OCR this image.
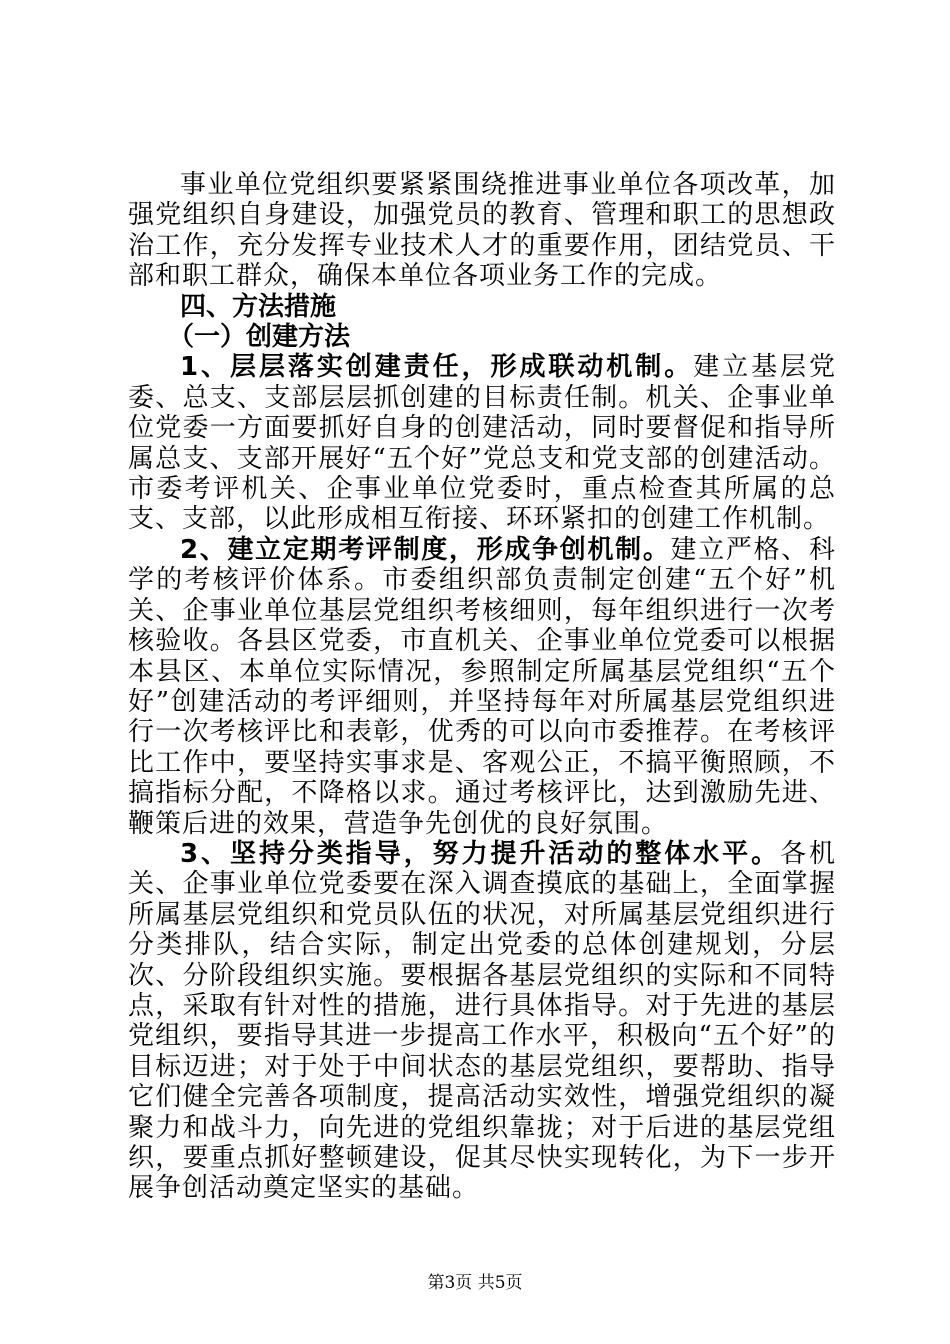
事业单位党组织要紧紧围绕推进事业单位各项改革，加强党组织自身建设，加强党员的教育、管理和职工的思想政治工作，充分发挥专业技术人才的重要作用，团结党员、干部和职工群众，确保本单位各项业务工作的完成。

四、方法措施

（一）创建方法

1、层层落实创建责任，形成联动机制。建立基层党委、总支、支部层层抓创建的目标责任制。机关、企事业单位党委一方面要抓好自身的创建活动，同时要督促和指导所属总支、支部开展好“五个好”党总支和党支部的创建活动。市委考评机关、企事业单位党委时，重点检查其所属的总支、支部，以此形成相互衔接、环环紧扣的创建工作机制。

2、建立定期考评制度，形成争创机制。建立严格、科学的考核评价体系。市委组织部负责制定创建“五个好”机关、企事业单位基层党组织考核细则，每年组织进行一次考核验收。各县区党委，市直机关、企事业单位党委可以根据本县区、本单位实际情况，参照制定所属基层党组织“五个好”创建活动的考评细则，并坚持每年对所属基层党组织进行一次考核评比和表彰，优秀的可以向市委推荐。在考核评比工作中，要坚持实事求是、客观公正，不搞平衡照顾，不搞指标分配，不降格以求。通过考核评比，达到激励先进、鞭策后进的效果，营造争先创优的良好氛围。

3、坚持分类指导，努力提升活动的整体水平。各机关、企事业单位党委要在深入调查摸底的基础上，全面掌握所属基层党组织和党员队伍的状况，对所属基层党组织进行分类排队，结合实际，制定出党委的总体创建规划，分层次、分阶段组织实施。要根据各基层党组织的实际和不同特点，采取有针对性的措施，进行具体指导。对于先进的基层党组织，要指导其进一步提高工作水平，积极向“五个好”的目标迈进；对于处于中间状态的基层党组织，要帮助、指导它们健全完善各项制度，提高活动实效性，增强党组织的凝聚力和战斗力，向先进的党组织靠拢；对于后进的基层党组织，要重点抓好整顿建设，促其尽快实现转化，为下一步开展争创活动奠定坚实的基础。

第3页 共5页
